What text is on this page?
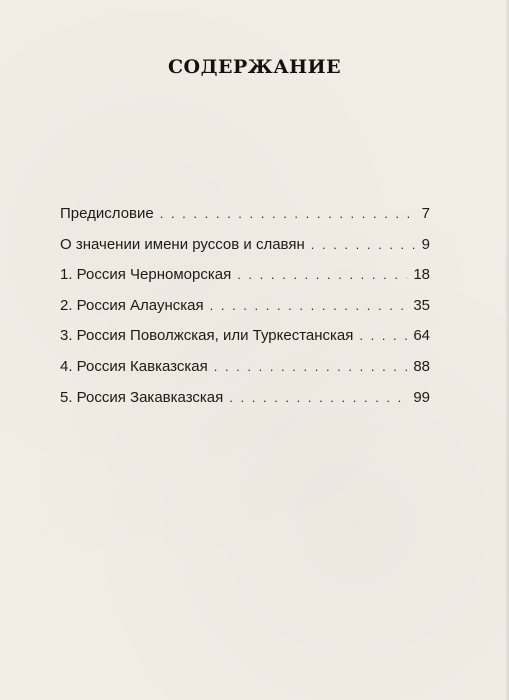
СОДЕРЖАНИЕ
Предисловие . . .	7
О значении имени руссов и славян . . .	9
1. Россия Черноморская . . .	18
2. Россия Алаунская . . .	35
3. Россия Поволжская, или Туркестанская . . .	64
4. Россия Кавказская . . .	88
5. Россия Закавказская . . .	99
